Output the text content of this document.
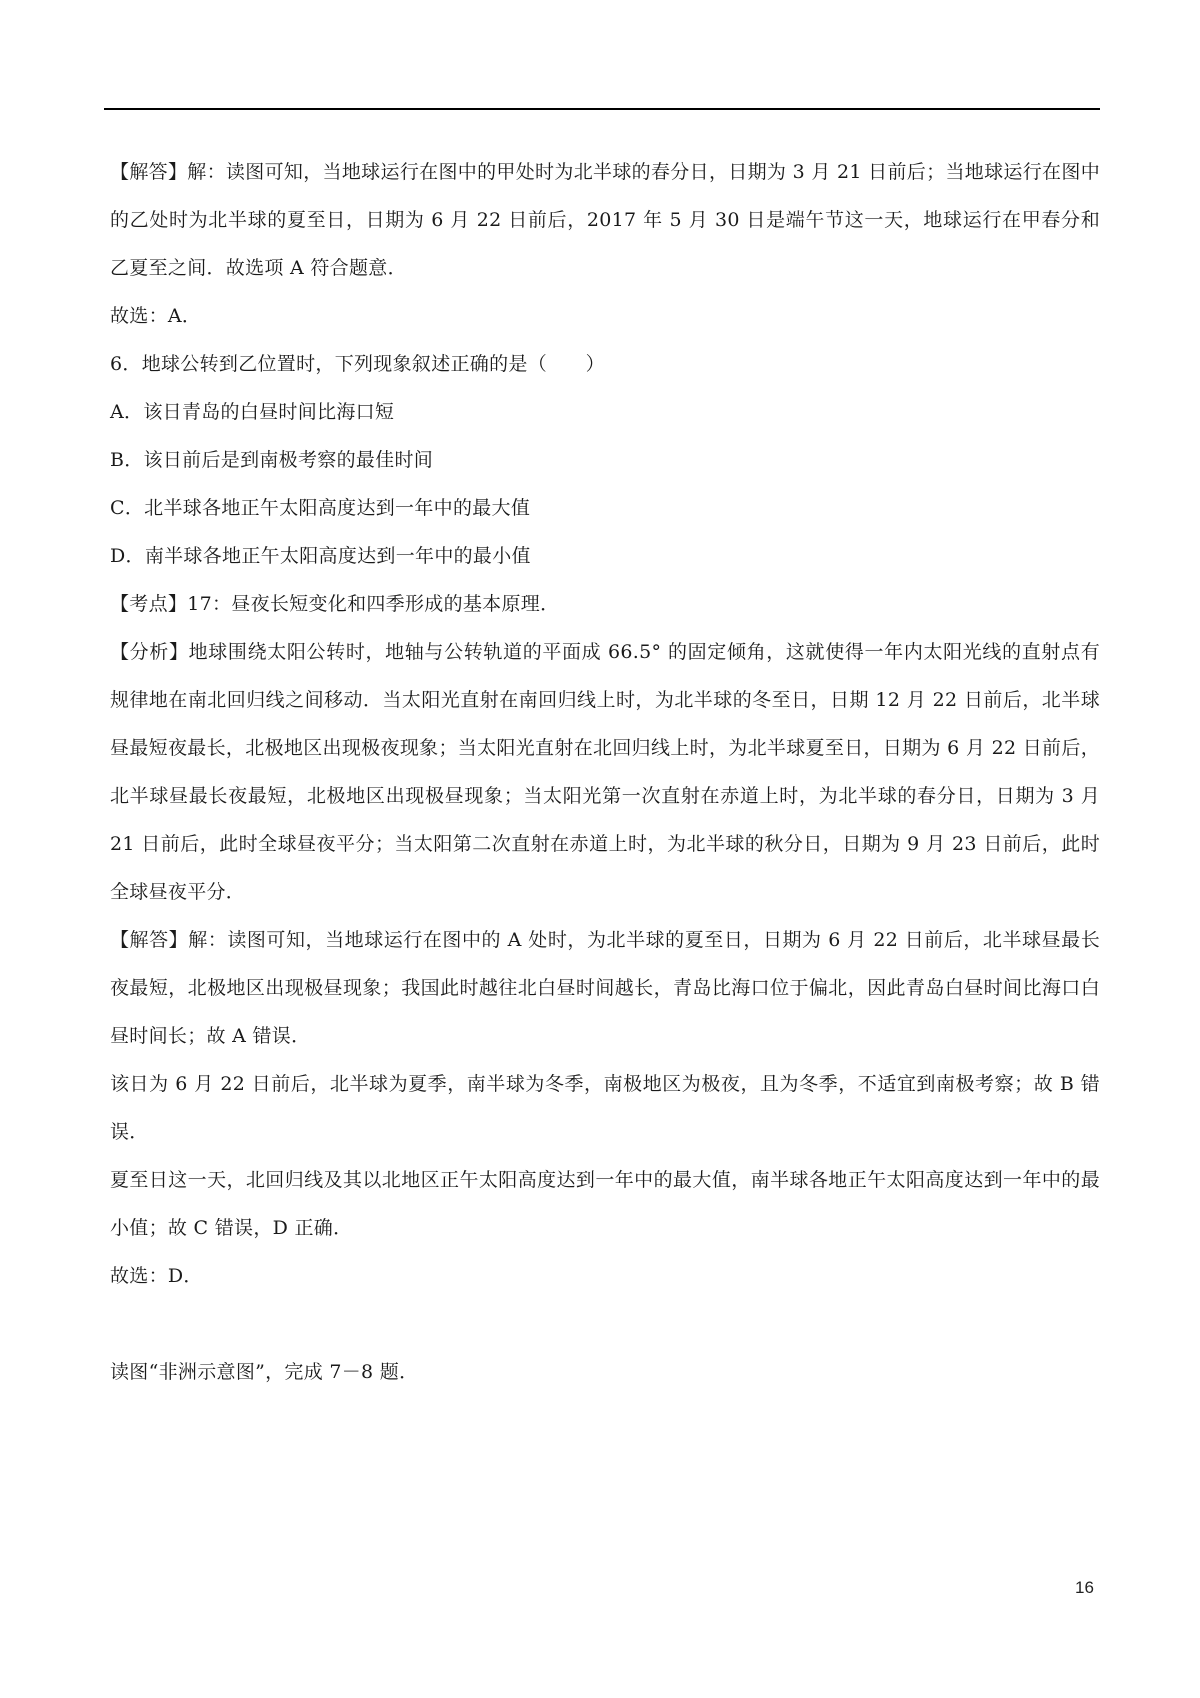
【解答】解：读图可知，当地球运行在图中的甲处时为北半球的春分日，日期为 3 月 21 日前后；当地球运行在图中的乙处时为北半球的夏至日，日期为 6 月 22 日前后，2017 年 5 月 30 日是端午节这一天，地球运行在甲春分和乙夏至之间．故选项 A 符合题意．

故选：A．

6．地球公转到乙位置时，下列现象叙述正确的是（　　）

A．该日青岛的白昼时间比海口短

B．该日前后是到南极考察的最佳时间

C．北半球各地正午太阳高度达到一年中的最大值

D．南半球各地正午太阳高度达到一年中的最小值

【考点】17：昼夜长短变化和四季形成的基本原理．

【分析】地球围绕太阳公转时，地轴与公转轨道的平面成 66.5° 的固定倾角，这就使得一年内太阳光线的直射点有规律地在南北回归线之间移动．当太阳光直射在南回归线上时，为北半球的冬至日，日期 12 月 22 日前后，北半球昼最短夜最长，北极地区出现极夜现象；当太阳光直射在北回归线上时，为北半球夏至日，日期为 6 月 22 日前后，北半球昼最长夜最短，北极地区出现极昼现象；当太阳光第一次直射在赤道上时，为北半球的春分日，日期为 3 月 21 日前后，此时全球昼夜平分；当太阳第二次直射在赤道上时，为北半球的秋分日，日期为 9 月 23 日前后，此时全球昼夜平分．

【解答】解：读图可知，当地球运行在图中的 A 处时，为北半球的夏至日，日期为 6 月 22 日前后，北半球昼最长夜最短，北极地区出现极昼现象；我国此时越往北白昼时间越长，青岛比海口位于偏北，因此青岛白昼时间比海口白昼时间长；故 A 错误．

该日为 6 月 22 日前后，北半球为夏季，南半球为冬季，南极地区为极夜，且为冬季，不适宜到南极考察；故 B 错误．

夏至日这一天，北回归线及其以北地区正午太阳高度达到一年中的最大值，南半球各地正午太阳高度达到一年中的最小值；故 C 错误，D 正确．

故选：D．

读图“非洲示意图”，完成 7－8 题．

16
